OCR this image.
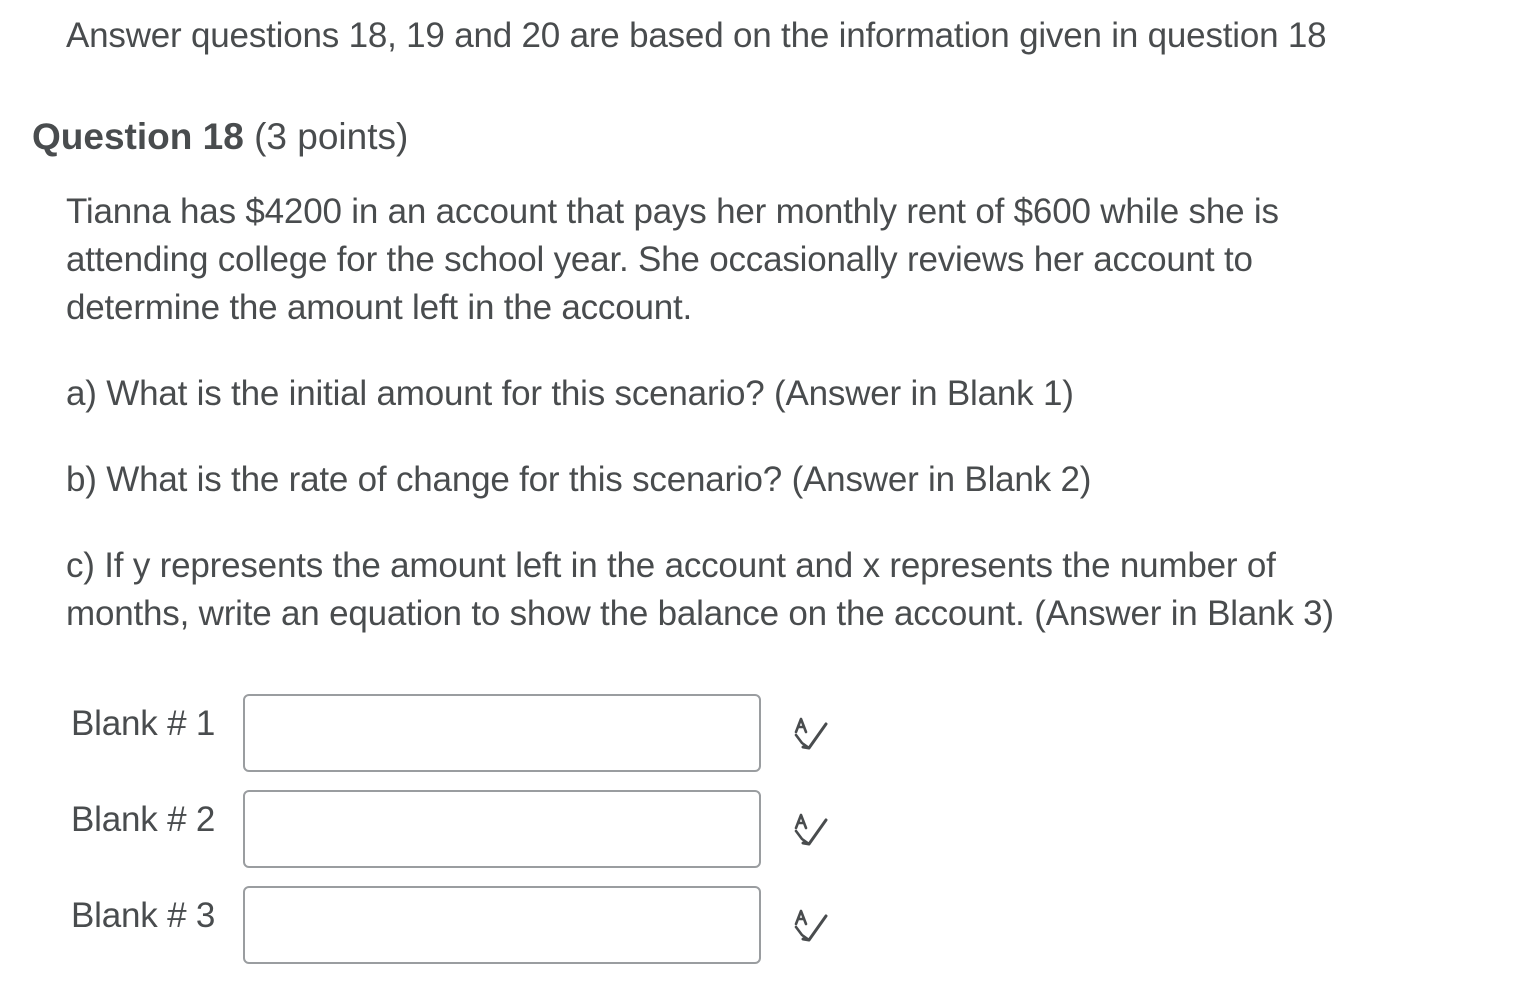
Answer questions 18, 19 and 20 are based on the information given in question 18
Question 18 (3 points)
Tianna has $4200 in an account that pays her monthly rent of $600 while she is
attending college for the school year. She occasionally reviews her account to
determine the amount left in the account.
a) What is the initial amount for this scenario? (Answer in Blank 1)
b) What is the rate of change for this scenario? (Answer in Blank 2)
c) If y represents the amount left in the account and x represents the number of
months, write an equation to show the balance on the account. (Answer in Blank 3)
Blank # 1
Blank # 2
Blank # 3
